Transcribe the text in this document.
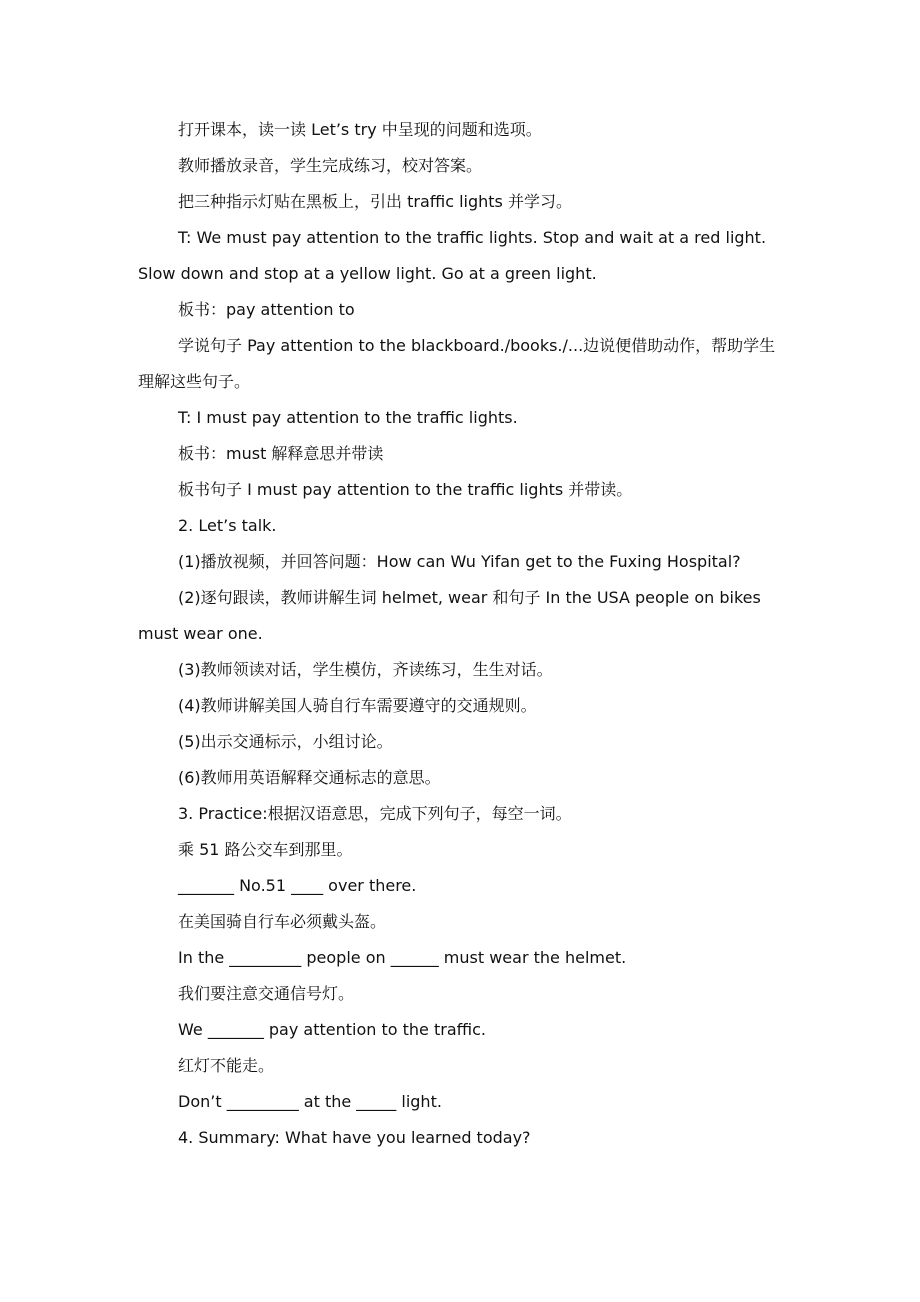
打开课本，读一读 Let’s try 中呈现的问题和选项。

教师播放录音，学生完成练习，校对答案。

把三种指示灯贴在黑板上，引出 traffic lights 并学习。

T: We must pay attention to the traffic lights. Stop and wait at a red light. Slow down and stop at a yellow light. Go at a green light.

板书：pay attention to

学说句子 Pay attention to the blackboard./books./...边说便借助动作，帮助学生理解这些句子。

T: I must pay attention to the traffic lights.

板书：must 解释意思并带读

板书句子 I must pay attention to the traffic lights 并带读。

2. Let’s talk.

(1)播放视频，并回答问题：How can Wu Yifan get to the Fuxing Hospital?

(2)逐句跟读，教师讲解生词 helmet, wear 和句子 In the USA people on bikes must wear one.

(3)教师领读对话，学生模仿，齐读练习，生生对话。

(4)教师讲解美国人骑自行车需要遵守的交通规则。

(5)出示交通标示，小组讨论。

(6)教师用英语解释交通标志的意思。

3. Practice:根据汉语意思，完成下列句子，每空一词。

乘 51 路公交车到那里。

_______ No.51 ____ over there.

在美国骑自行车必须戴头盔。

In the _________ people on ______ must wear the helmet.

我们要注意交通信号灯。

We _______ pay attention to the traffic.

红灯不能走。

Don’t _________ at the _____ light.

4. Summary: What have you learned today?
